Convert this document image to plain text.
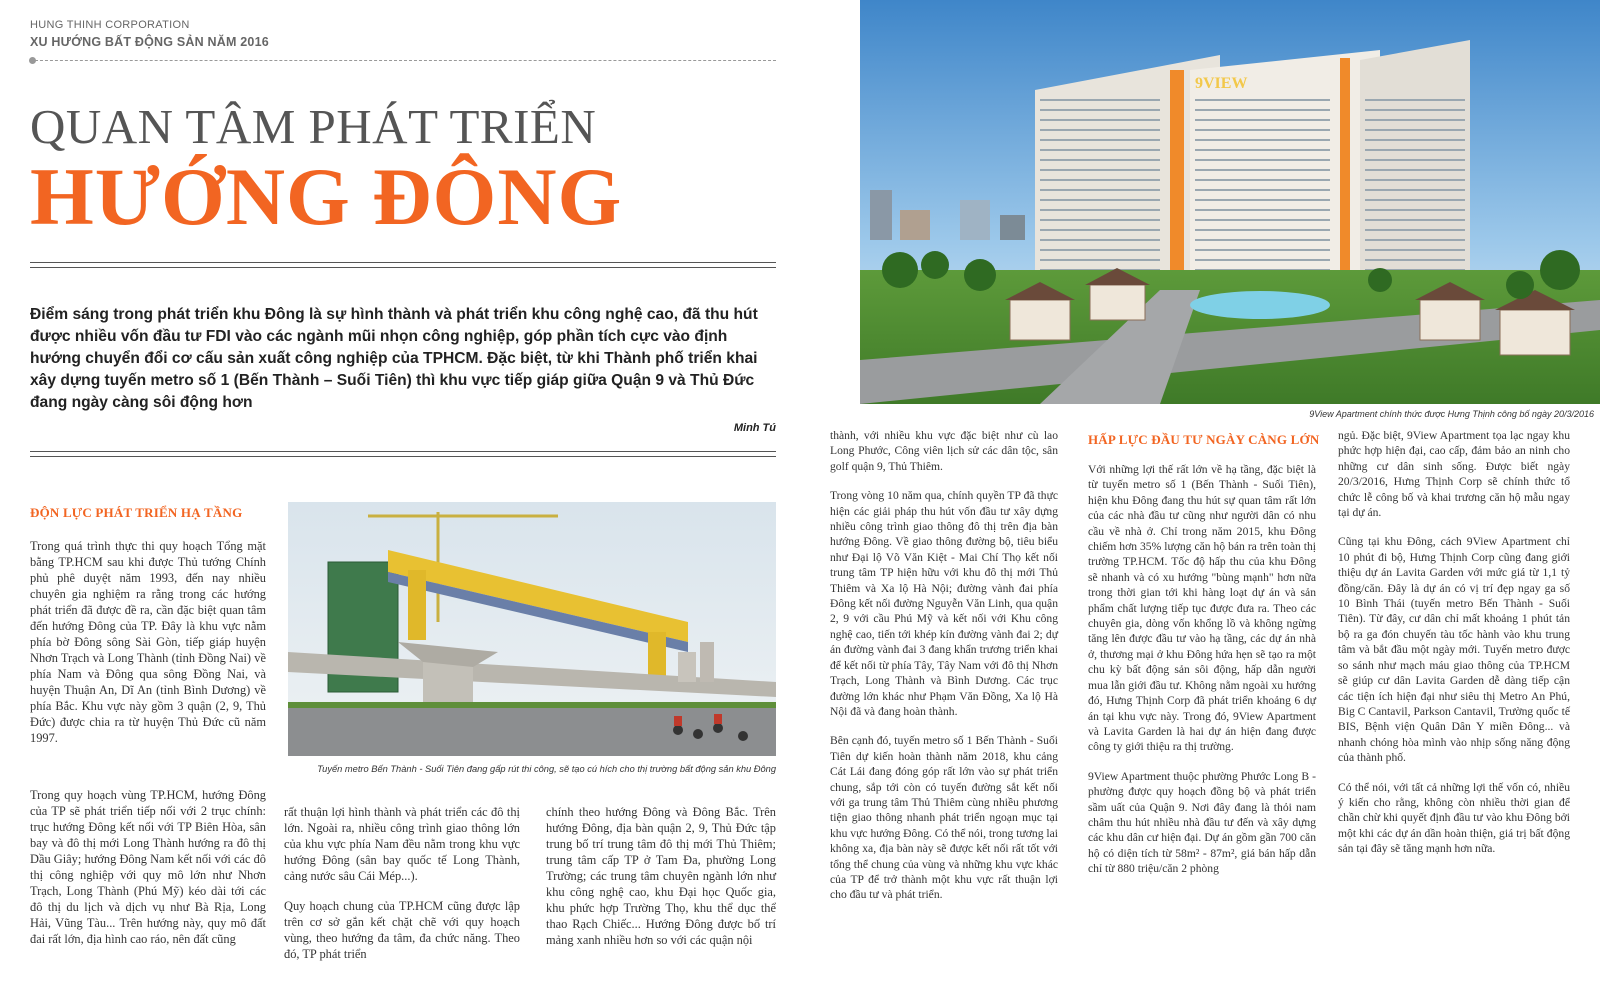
HUNG THINH CORPORATION
XU HƯỚNG BẤT ĐỘNG SẢN NĂM 2016
QUAN TÂM PHÁT TRIỂN
HƯỚNG ĐÔNG
Điểm sáng trong phát triển khu Đông là sự hình thành và phát triển khu công nghệ cao, đã thu hút được nhiều vốn đầu tư FDI vào các ngành mũi nhọn công nghiệp, góp phần tích cực vào định hướng chuyển đổi cơ cấu sản xuất công nghiệp của TPHCM. Đặc biệt, từ khi Thành phố triển khai xây dựng tuyến metro số 1 (Bến Thành – Suối Tiên) thì khu vực tiếp giáp giữa Quận 9 và Thủ Đức đang ngày càng sôi động hơn
Minh Tú
9VIEW
9View Apartment chính thức được Hưng Thịnh công bố ngày 20/3/2016
Tuyến metro Bến Thành - Suối Tiên đang gấp rút thi công, sẽ tạo cú hích cho thị trường bất động sản khu Đông
ĐỘN LỰC PHÁT TRIỂN HẠ TẦNG

Trong quá trình thực thi quy hoạch Tổng mặt bằng TP.HCM sau khi được Thủ tướng Chính phủ phê duyệt năm 1993, đến nay nhiều chuyên gia nghiệm ra rằng trong các hướng phát triển đã được đề ra, cần đặc biệt quan tâm đến hướng Đông của TP. Đây là khu vực nằm phía bờ Đông sông Sài Gòn, tiếp giáp huyện Nhơn Trạch và Long Thành (tỉnh Đồng Nai) về phía Nam và Đông qua sông Đồng Nai, và huyện Thuận An, Dĩ An (tỉnh Bình Dương) về phía Bắc. Khu vực này gồm 3 quận (2, 9, Thủ Đức) được chia ra từ huyện Thủ Đức cũ năm 1997.

Trong quy hoạch vùng TP.HCM, hướng Đông của TP sẽ phát triển tiếp nối với 2 trục chính: trục hướng Đông kết nối với TP Biên Hòa, sân bay và đô thị mới Long Thành hướng ra đô thị Dầu Giây; hướng Đông Nam kết nối với các đô thị công nghiệp với quy mô lớn như Nhơn Trạch, Long Thành (Phú Mỹ) kéo dài tới các đô thị du lịch và dịch vụ như Bà Rịa, Long Hải, Vũng Tàu... Trên hướng này, quy mô đất đai rất lớn, địa hình cao ráo, nên đất cũng

rất thuận lợi hình thành và phát triển các đô thị lớn. Ngoài ra, nhiều công trình giao thông lớn của khu vực phía Nam đều nằm trong khu vực hướng Đông (sân bay quốc tế Long Thành, cảng nước sâu Cái Mép...).

Quy hoạch chung của TP.HCM cũng được lập trên cơ sở gắn kết chặt chẽ với quy hoạch vùng, theo hướng đa tâm, đa chức năng. Theo đó, TP phát triển

chính theo hướng Đông và Đông Bắc. Trên hướng Đông, địa bàn quận 2, 9, Thủ Đức tập trung bố trí trung tâm đô thị mới Thủ Thiêm; trung tâm cấp TP ở Tam Đa, phường Long Trường; các trung tâm chuyên ngành lớn như khu công nghệ cao, khu Đại học Quốc gia, khu phức hợp Trường Thọ, khu thể dục thể thao Rạch Chiếc... Hướng Đông được bố trí mảng xanh nhiều hơn so với các quận nội

thành, với nhiều khu vực đặc biệt như cù lao Long Phước, Công viên lịch sử các dân tộc, sân golf quận 9, Thủ Thiêm.

Trong vòng 10 năm qua, chính quyền TP đã thực hiện các giải pháp thu hút vốn đầu tư xây dựng nhiều công trình giao thông đô thị trên địa bàn hướng Đông. Về giao thông đường bộ, tiêu biểu như Đại lộ Võ Văn Kiệt - Mai Chí Thọ kết nối trung tâm TP hiện hữu với khu đô thị mới Thủ Thiêm và Xa lộ Hà Nội; đường vành đai phía Đông kết nối đường Nguyễn Văn Linh, qua quận 2, 9 với cầu Phú Mỹ và kết nối với Khu công nghệ cao, tiến tới khép kín đường vành đai 2; dự án đường vành đai 3 đang khẩn trương triển khai để kết nối từ phía Tây, Tây Nam với đô thị Nhơn Trạch, Long Thành và Bình Dương. Các trục đường lớn khác như Phạm Văn Đồng, Xa lộ Hà Nội đã và đang hoàn thành.

Bên cạnh đó, tuyến metro số 1 Bến Thành - Suối Tiên dự kiến hoàn thành năm 2018, khu cảng Cát Lái đang đóng góp rất lớn vào sự phát triển chung, sắp tới còn có tuyến đường sắt kết nối với ga trung tâm Thủ Thiêm cùng nhiều phương tiện giao thông nhanh phát triển ngoạn mục tại khu vực hướng Đông. Có thể nói, trong tương lai không xa, địa bàn này sẽ được kết nối rất tốt với tổng thể chung của vùng và những khu vực khác của TP để trở thành một khu vực rất thuận lợi cho đầu tư và phát triển.

HẤP LỰC ĐẦU TƯ NGÀY CÀNG LỚN

Với những lợi thế rất lớn về hạ tầng, đặc biệt là từ tuyến metro số 1 (Bến Thành - Suối Tiên), hiện khu Đông đang thu hút sự quan tâm rất lớn của các nhà đầu tư cũng như người dân có nhu cầu về nhà ở. Chỉ trong năm 2015, khu Đông chiếm hơn 35% lượng căn hộ bán ra trên toàn thị trường TP.HCM. Tốc độ hấp thu của khu Đông sẽ nhanh và có xu hướng "bùng mạnh" hơn nữa trong thời gian tới khi hàng loạt dự án và sản phẩm chất lượng tiếp tục được đưa ra. Theo các chuyên gia, dòng vốn khổng lồ và không ngừng tăng lên được đầu tư vào hạ tầng, các dự án nhà ở, thương mại ở khu Đông hứa hẹn sẽ tạo ra một chu kỳ bất động sản sôi động, hấp dẫn người mua lẫn giới đầu tư. Không nằm ngoài xu hướng đó, Hưng Thịnh Corp đã phát triển khoảng 6 dự án tại khu vực này. Trong đó, 9View Apartment và Lavita Garden là hai dự án hiện đang được công ty giới thiệu ra thị trường.

9View Apartment thuộc phường Phước Long B - phường được quy hoạch đồng bộ và phát triển sầm uất của Quận 9. Nơi đây đang là thỏi nam châm thu hút nhiều nhà đầu tư đến và xây dựng các khu dân cư hiện đại. Dự án gồm gần 700 căn hộ có diện tích từ 58m² - 87m², giá bán hấp dẫn chỉ từ 880 triệu/căn 2 phòng

ngủ. Đặc biệt, 9View Apartment tọa lạc ngay khu phức hợp hiện đại, cao cấp, đảm bảo an ninh cho những cư dân sinh sống. Được biết ngày 20/3/2016, Hưng Thịnh Corp sẽ chính thức tổ chức lễ công bố và khai trương căn hộ mẫu ngay tại dự án.

Cũng tại khu Đông, cách 9View Apartment chỉ 10 phút đi bộ, Hưng Thịnh Corp cũng đang giới thiệu dự án Lavita Garden với mức giá từ 1,1 tỷ đồng/căn. Đây là dự án có vị trí đẹp ngay ga số 10 Bình Thái (tuyến metro Bến Thành - Suối Tiên). Từ đây, cư dân chỉ mất khoảng 1 phút tản bộ ra ga đón chuyến tàu tốc hành vào khu trung tâm và bắt đầu một ngày mới. Tuyến metro được so sánh như mạch máu giao thông của TP.HCM sẽ giúp cư dân Lavita Garden dễ dàng tiếp cận các tiện ích hiện đại như siêu thị Metro An Phú, Big C Cantavil, Parkson Cantavil, Trường quốc tế BIS, Bệnh viện Quân Dân Y miền Đông... và nhanh chóng hòa mình vào nhịp sống năng động của thành phố.

Có thể nói, với tất cả những lợi thế vốn có, nhiều ý kiến cho rằng, không còn nhiều thời gian để chần chừ khi quyết định đầu tư vào khu Đông bởi một khi các dự án dần hoàn thiện, giá trị bất động sản tại đây sẽ tăng mạnh hơn nữa.
